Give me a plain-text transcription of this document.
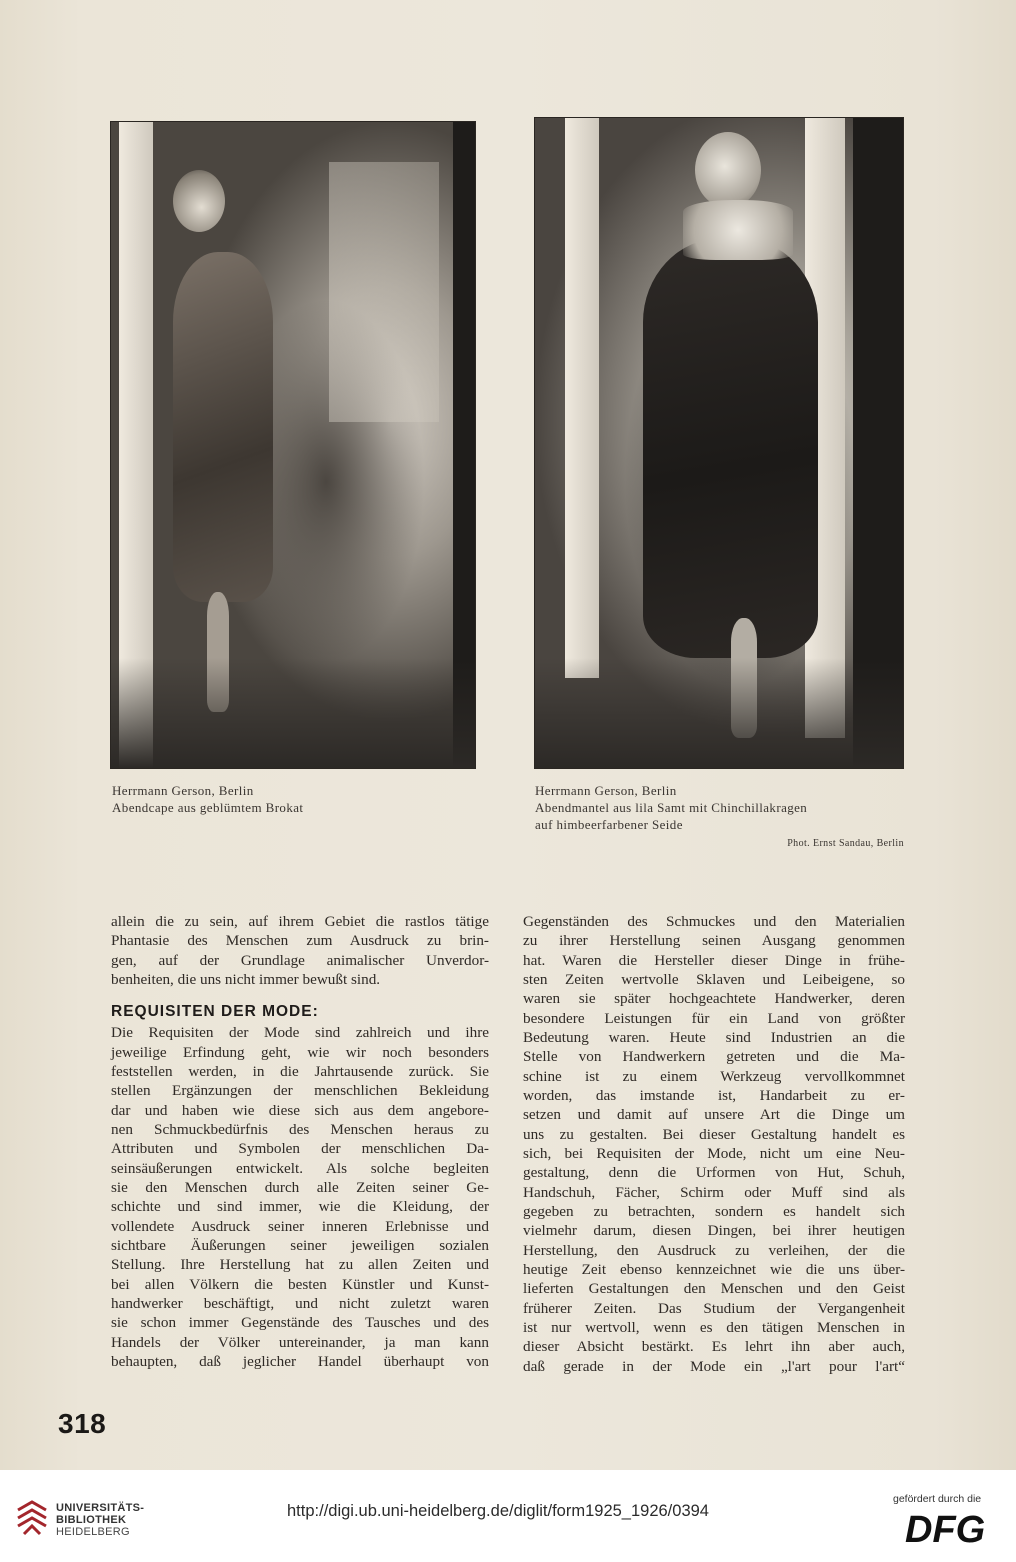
Herrmann Gerson, Berlin
Abendcape aus geblümtem Brokat
Herrmann Gerson, Berlin
Abendmantel aus lila Samt mit Chinchillakragen
auf himbeerfarbener Seide
Phot. Ernst Sandau, Berlin
allein die zu sein, auf ihrem Gebiet die rastlos tätige
Phantasie des Menschen zum Ausdruck zu brin-
gen, auf der Grundlage animalischer Unverdor-
benheiten, die uns nicht immer bewußt sind.
REQUISITEN DER MODE:
Die Requisiten der Mode sind zahlreich und ihre
jeweilige Erfindung geht, wie wir noch besonders
feststellen werden, in die Jahrtausende zurück. Sie
stellen Ergänzungen der menschlichen Bekleidung
dar und haben wie diese sich aus dem angebore-
nen Schmuckbedürfnis des Menschen heraus zu
Attributen und Symbolen der menschlichen Da-
seinsäußerungen entwickelt. Als solche begleiten
sie den Menschen durch alle Zeiten seiner Ge-
schichte und sind immer, wie die Kleidung, der
vollendete Ausdruck seiner inneren Erlebnisse und
sichtbare Äußerungen seiner jeweiligen sozialen
Stellung. Ihre Herstellung hat zu allen Zeiten und
bei allen Völkern die besten Künstler und Kunst-
handwerker beschäftigt, und nicht zuletzt waren
sie schon immer Gegenstände des Tausches und des
Handels der Völker untereinander, ja man kann
behaupten, daß jeglicher Handel überhaupt von
Gegenständen des Schmuckes und den Materialien
zu ihrer Herstellung seinen Ausgang genommen
hat. Waren die Hersteller dieser Dinge in frühe-
sten Zeiten wertvolle Sklaven und Leibeigene, so
waren sie später hochgeachtete Handwerker, deren
besondere Leistungen für ein Land von größter
Bedeutung waren. Heute sind Industrien an die
Stelle von Handwerkern getreten und die Ma-
schine ist zu einem Werkzeug vervollkommnet
worden, das imstande ist, Handarbeit zu er-
setzen und damit auf unsere Art die Dinge um
uns zu gestalten. Bei dieser Gestaltung handelt es
sich, bei Requisiten der Mode, nicht um eine Neu-
gestaltung, denn die Urformen von Hut, Schuh,
Handschuh, Fächer, Schirm oder Muff sind als
gegeben zu betrachten, sondern es handelt sich
vielmehr darum, diesen Dingen, bei ihrer heutigen
Herstellung, den Ausdruck zu verleihen, der die
heutige Zeit ebenso kennzeichnet wie die uns über-
lieferten Gestaltungen den Menschen und den Geist
früherer Zeiten. Das Studium der Vergangenheit
ist nur wertvoll, wenn es den tätigen Menschen in
dieser Absicht bestärkt. Es lehrt ihn aber auch,
daß gerade in der Mode ein „l'art pour l'art“
318
UNIVERSITÄTS-
BIBLIOTHEK
HEIDELBERG
http://digi.ub.uni-heidelberg.de/diglit/form1925_1926/0394
gefördert durch die
DFG
